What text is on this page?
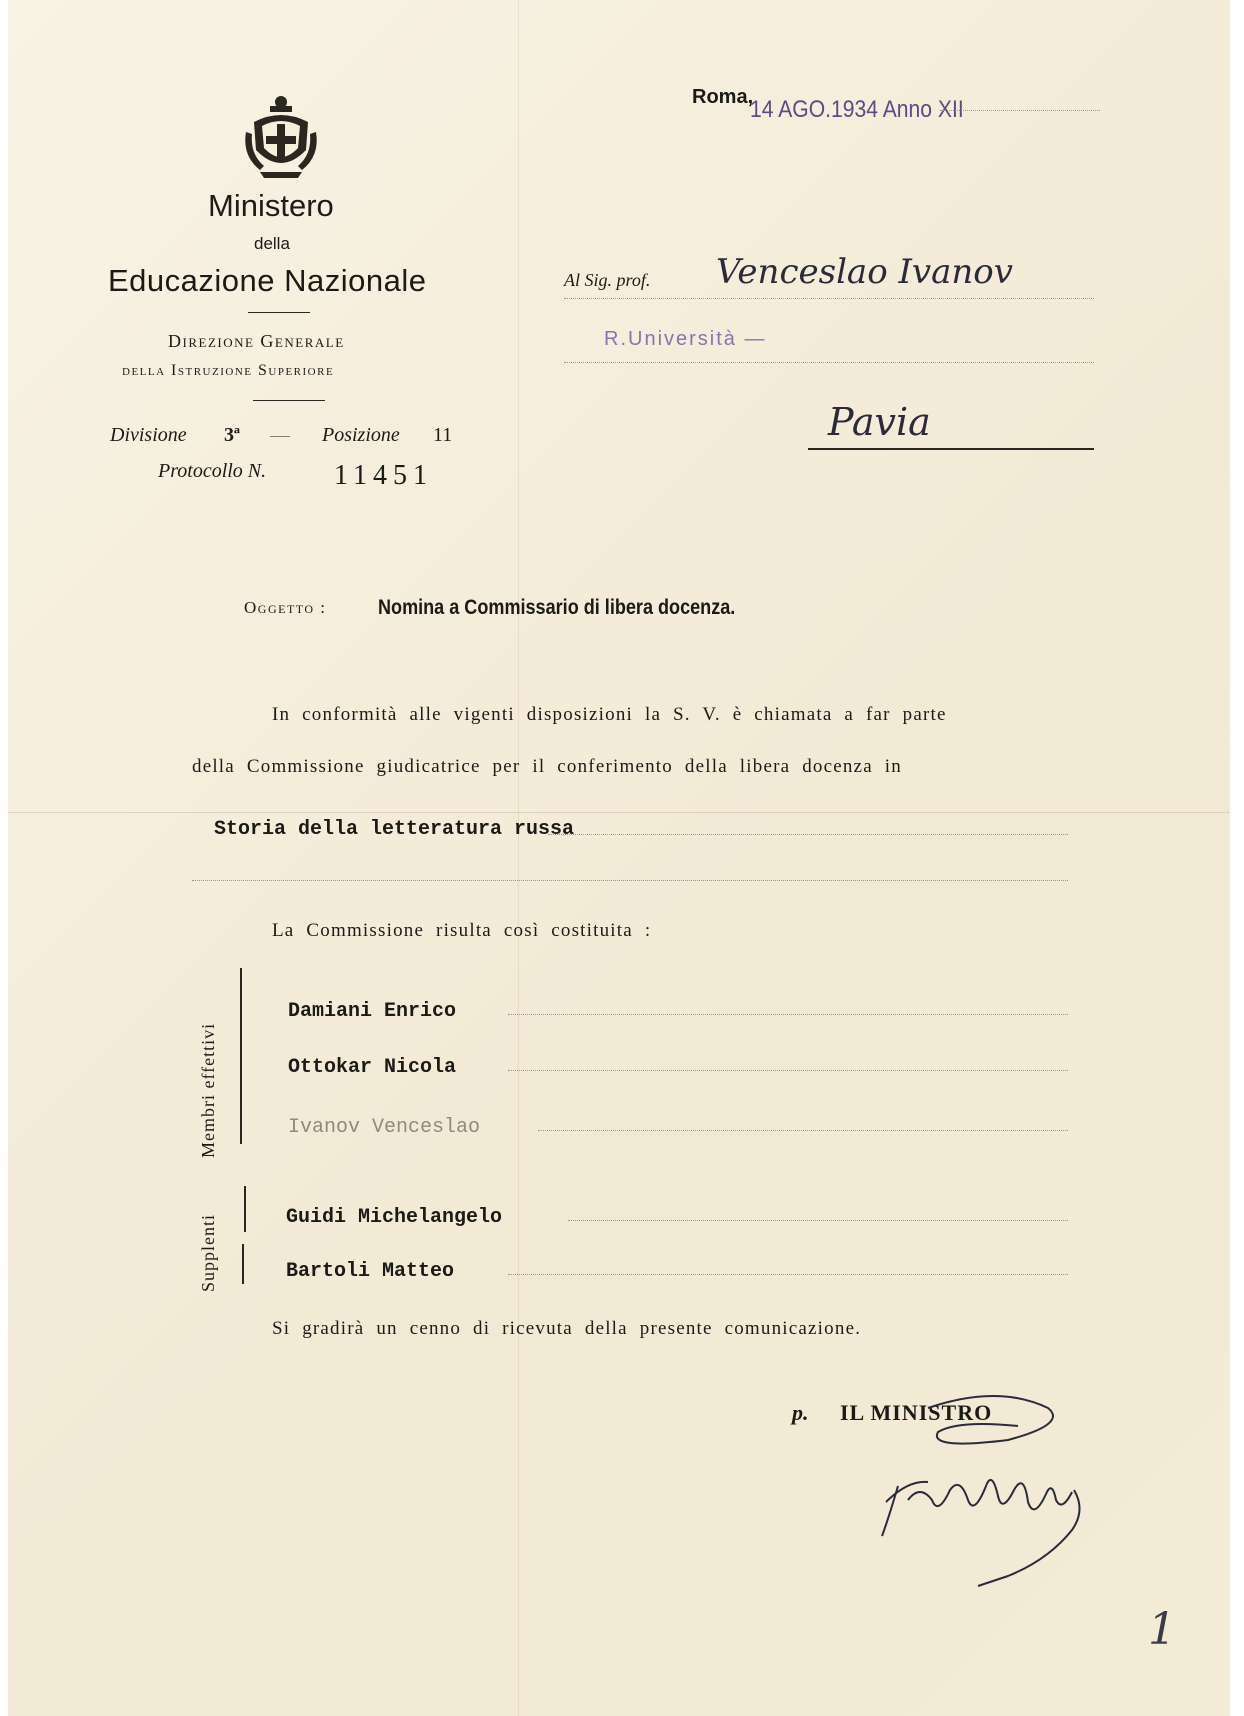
Ministero
della
Educazione Nazionale
Direzione Generale
della Istruzione Superiore
Divisione 3ª — Posizione 11
Protocollo N. 11451
Roma,
14 AGO.1934 Anno XII
Al Sig. prof. Venceslao Ivanov
R.Università —
Pavia
Oggetto : Nomina a Commissario di libera docenza.
In conformità alle vigenti disposizioni la S. V. è chiamata a far parte
della Commissione giudicatrice per il conferimento della libera docenza in
Storia della letteratura russa
La Commissione risulta così costituita :
Membri effettivi
Damiani Enrico
Ottokar Nicola
Ivanov Venceslao
Supplenti	Guidi Michelangelo
Bartoli Matteo
Si gradirà un cenno di ricevuta della presente comunicazione.
p. IL MINISTRO
1
